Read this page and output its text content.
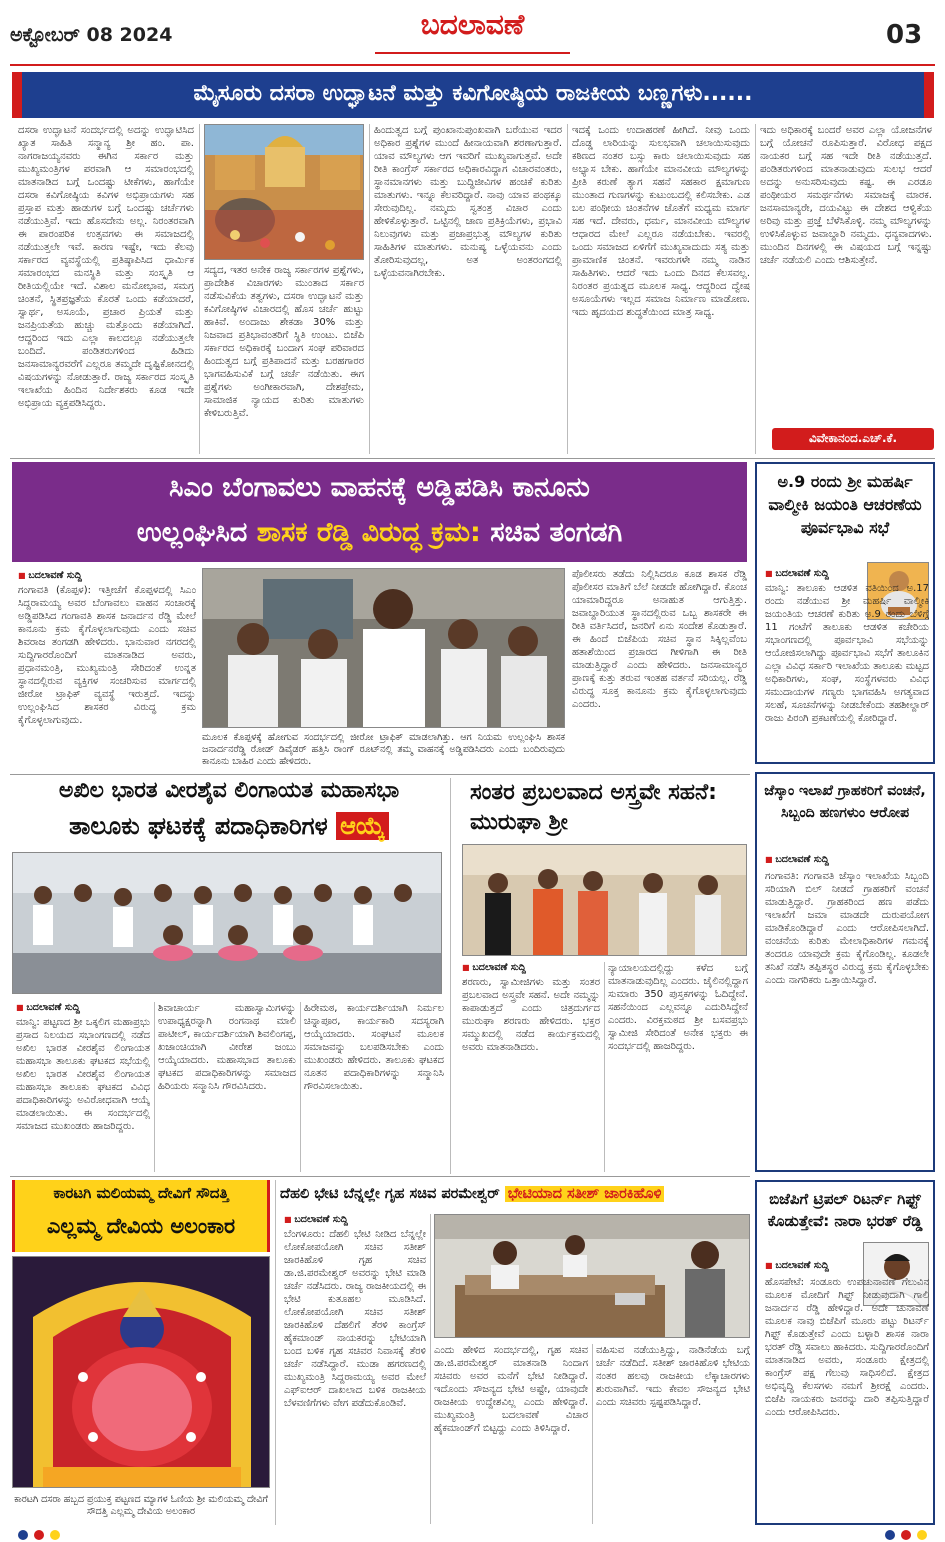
ಅಕ್ಟೋಬರ್ 08 2024	ಬದಲಾವಣೆ	03
ಮೈಸೂರು ದಸರಾ ಉದ್ಘಾಟನೆ ಮತ್ತು ಕವಿಗೋಷ್ಠಿಯ ರಾಜಕೀಯ ಬಣ್ಣಗಳು......
ದಸರಾ ಉದ್ಘಾಟನೆ ಸಂದರ್ಭದಲ್ಲಿ ಅದನ್ನು ಉದ್ಘಾಟಿಸಿದ ಖ್ಯಾತ ಸಾಹಿತಿ ಸನ್ಮಾನ್ಯ ಶ್ರೀ ಹಂ. ಪಾ. ನಾಗರಾಜಯ್ಯನವರು ಈಗಿನ ಸರ್ಕಾರ ಮತ್ತು ಮುಖ್ಯಮಂತ್ರಿಗಳ ಪರವಾಗಿ ಆ ಸಮಾರಂಭದಲ್ಲಿ ಮಾತನಾಡಿದ ಬಗ್ಗೆ ಒಂದಷ್ಟು ಟೀಕೆಗಳು, ಹಾಗೆಯೇ ದಸರಾ ಕವಿಗೋಷ್ಠಿಯ ಕವಿಗಳ ಅಭಿಪ್ರಾಯಗಳು ಸಹ ಪ್ರಸ್ತಾಪ ಮತ್ತು ಹಾಡುಗಳ ಬಗ್ಗೆ ಒಂದಷ್ಟು ಚರ್ಚೆಗಳು ನಡೆಯುತ್ತಿವೆ. ಇದು ಹೊಸದೇನು ಅಲ್ಲ. ನಿರಂತರವಾಗಿ ಈ ಪಾರಂಪರಿಕ ಉತ್ಸವಗಳು ಈ ಸಮಾಜದಲ್ಲಿ ನಡೆಯುತ್ತಲೇ ಇವೆ. ಕಾರಣ ಇಷ್ಟೇ, ಇದು ಕೆಲವು ಸರ್ಕಾರದ ವ್ಯವಸ್ಥೆಯಲ್ಲಿ ಪ್ರತಿಷ್ಠಾಪಿಸಿದ ಧಾರ್ಮಿಕ ಸಮಾರಂಭದ ಮನಸ್ಥಿತಿ ಮತ್ತು ಸಂಸ್ಕೃತಿ ಆ ರೀತಿಯಲ್ಲಿಯೇ ಇದೆ. ವಿಶಾಲ ಮನೋಭಾವ, ಸಮಗ್ರ ಚಿಂತನೆ, ಸ್ಥಿತಪ್ರಜ್ಞತೆಯ ಕೊರತೆ ಒಂದು ಕಡೆಯಾದರೆ, ಸ್ವಾರ್ಥ, ಅಸೂಯೆ, ಪ್ರಚಾರ ಪ್ರಿಯತೆ ಮತ್ತು ಜನಪ್ರಿಯತೆಯ ಹುಚ್ಚು ಮತ್ತೊಂದು ಕಡೆಯಾಗಿದೆ. ಆದ್ದರಿಂದ ಇದು ಎಲ್ಲಾ ಕಾಲದಲ್ಲೂ ನಡೆಯುತ್ತಲೇ ಬಂದಿದೆ. ಪಂಡಿತರುಗಳಿಂದ ಹಿಡಿದು ಜನಸಾಮಾನ್ಯರವರೆಗೆ ಎಲ್ಲರೂ ತಮ್ಮದೇ ದೃಷ್ಟಿಕೋನದಲ್ಲಿ ವಿಷಯಗಳನ್ನು ನೋಡುತ್ತಾರೆ. ರಾಜ್ಯ ಸರ್ಕಾರದ ಸಂಸ್ಕೃತಿ ಇಲಾಖೆಯ ಹಿಂದಿನ ನಿರ್ದೇಶಕರು ಕೂಡ ಇದೇ ಅಭಿಪ್ರಾಯ ವ್ಯಕ್ತಪಡಿಸಿದ್ದರು.
ಸದ್ಯದ, ಇತರ ಅನೇಕ ರಾಜ್ಯ ಸರ್ಕಾರಗಳ ಪ್ರಶ್ನೆಗಳು, ಪ್ರಾದೇಶಿಕ ವಿಚಾರಗಳು ಮುಂತಾದ ಸರ್ಕಾರ ನಡೆಸುವಿಕೆಯ ತತ್ವಗಳು, ದಸರಾ ಉದ್ಘಾಟನೆ ಮತ್ತು ಕವಿಗೋಷ್ಠಿಗಳ ವಿಚಾರದಲ್ಲಿ ಹೊಸ ಚರ್ಚೆ ಹುಟ್ಟು ಹಾಕಿವೆ. ಅಂದಾಜು ಶೇಕಡಾ 30% ಮತ್ತು ನಿಜವಾದ ಪ್ರತಿಭಾವಂತರಿಗೆ ಸ್ಥಿತಿ ಉಂಟು. ಬಿಜೆಪಿ ಸರ್ಕಾರದ ಅಧಿಕಾರಕ್ಕೆ ಬಂದಾಗ ಸಂಘ ಪರಿವಾರದ ಹಿಂದುತ್ವದ ಬಗ್ಗೆ ಪ್ರತಿಪಾದನೆ ಮತ್ತು ಬರಹಗಾರರ ಭಾಗವಹಿಸುವಿಕೆ ಬಗ್ಗೆ ಚರ್ಚೆ ನಡೆಯಿತು. ಈಗ ಪ್ರಶ್ನೆಗಳು ಅಂಗೀಕಾರವಾಗಿ, ದೇಶಪ್ರೇಮ, ಸಾಮಾಜಿಕ ನ್ಯಾಯದ ಕುರಿತು ಮಾತುಗಳು ಕೇಳಿಬರುತ್ತಿವೆ.
ಹಿಂದುತ್ವದ ಬಗ್ಗೆ ಪುಂಖಾನುಪುಂಖವಾಗಿ ಬರೆಯುವ ಇದರ ಅಧಿಕಾರ ಪ್ರಶ್ನೆಗಳ ಮುಂದೆ ಹೀನಾಯವಾಗಿ ಶರಣಾಗುತ್ತಾರೆ. ಯಾವ ಮೌಲ್ಯಗಳು ಆಗ ಇವರಿಗೆ ಮುಖ್ಯವಾಗುತ್ತವೆ. ಅದೇ ರೀತಿ ಕಾಂಗ್ರೆಸ್ ಸರ್ಕಾರದ ಅಧಿಕಾರವಿದ್ದಾಗ ವಿಚಾರವಂತರು, ಸ್ಥಾನಮಾನಗಳು ಮತ್ತು ಬುದ್ಧಿಜೀವಿಗಳ ಹಂಚಿಕೆ ಕುರಿತು ಮಾತುಗಳು. ಇನ್ನೂ ಕೆಲವರಿದ್ದಾರೆ. ನಾವು ಯಾವ ಪಂಥಕ್ಕೂ ಸೇರುವುದಿಲ್ಲ. ನಮ್ಮದು ಸ್ವತಂತ್ರ ವಿಚಾರ ಎಂದು ಹೇಳಿಕೊಳ್ಳುತ್ತಾರೆ. ಒಟ್ಟಿನಲ್ಲಿ ಜಾಣ ಪ್ರತಿಕ್ರಿಯೆಗಳು, ಪ್ರಭಾವಿ ನಿಲುವುಗಳು ಮತ್ತು ಪ್ರಜಾಪ್ರಭುತ್ವ ಮೌಲ್ಯಗಳ ಕುರಿತು ಸಾಹಿತಿಗಳ ಮಾತುಗಳು. ಮನುಷ್ಯ ಒಳ್ಳೆಯವನು ಎಂದು ತೋರಿಸುವುದಲ್ಲ, ಅತ ಅಂತರಂಗದಲ್ಲಿ ಒಳ್ಳೆಯವನಾಗಿರಬೇಕು.
ಇದಕ್ಕೆ ಒಂದು ಉದಾಹರಣೆ ಹೀಗಿದೆ. ನೀವು ಒಂದು ದೊಡ್ಡ ಲಾರಿಯನ್ನು ಸುಲಭವಾಗಿ ಚಲಾಯಿಸುವುದು ಕಠಿಣದ ನಂತರ ಬಸ್ಸು ಕಾರು ಚಲಾಯಿಸುವುದು ಸಹ ಅಭ್ಯಾಸ ಬೇಕು. ಹಾಗೆಯೇ ಮಾನವೀಯ ಮೌಲ್ಯಗಳನ್ನು ಪ್ರೀತಿ ಕರುಣೆ ತ್ಯಾಗ ಸಹನೆ ಸಹಕಾರ ಕ್ಷಮಾಗುಣ ಮುಂತಾದ ಗುಣಗಳನ್ನು ಕುಟುಂಬದಲ್ಲಿ ಕಲಿಸಬೇಕು. ಎಡ ಬಲ ಪಂಥೀಯ ಚಿಂತನೆಗಳ ಜೊತೆಗೆ ಮಧ್ಯಮ ಮಾರ್ಗ ಸಹ ಇದೆ. ದೇವರು, ಧರ್ಮ, ಮಾನವೀಯ ಮೌಲ್ಯಗಳ ಆಧಾರದ ಮೇಲೆ ಎಲ್ಲರೂ ನಡೆಯಬೇಕು. ಇವರಲ್ಲಿ ಒಂದು ಸಮಾಜದ ಏಳಿಗೆಗೆ ಮುಖ್ಯವಾದುದು ಸತ್ಯ ಮತ್ತು ಪ್ರಾಮಾಣಿಕ ಚಿಂತನೆ. ಇವರುಗಳೇ ನಮ್ಮ ನಾಡಿನ ಸಾಹಿತಿಗಳು. ಆದರೆ ಇದು ಒಂದು ದಿನದ ಕೆಲಸವಲ್ಲ. ನಿರಂತರ ಪ್ರಯತ್ನದ ಮೂಲಕ ಸಾಧ್ಯ. ಆದ್ದರಿಂದ ದ್ವೇಷ ಅಸೂಯೆಗಳು ಇಲ್ಲದ ಸಮಾಜ ನಿರ್ಮಾಣ ಮಾಡೋಣ. ಇದು ಹೃದಯದ ಶುದ್ಧತೆಯಿಂದ ಮಾತ್ರ ಸಾಧ್ಯ.
ಇದು ಅಧಿಕಾರಕ್ಕೆ ಬಂದರೆ ಅವರ ಎಲ್ಲಾ ಯೋಜನೆಗಳ ಬಗ್ಗೆ ಯೋಚನೆ ರೂಪಿಸುತ್ತಾರೆ. ವಿರೋಧ ಪಕ್ಷದ ನಾಯಕರ ಬಗ್ಗೆ ಸಹ ಇದೇ ರೀತಿ ನಡೆಯುತ್ತದೆ. ಪಂಡಿತರುಗಳಿಂದ ಮಾತನಾಡುವುದು ಸುಲಭ ಆದರೆ ಅದನ್ನು ಅನುಸರಿಸುವುದು ಕಷ್ಟ. ಈ ಎರಡೂ ಪಂಥೀಯರ ಸಮರ್ಥನೆಗಳು ಸಮಾಜಕ್ಕೆ ಮಾರಕ. ಜನಸಾಮಾನ್ಯರೇ, ದಯವಿಟ್ಟು ಈ ದೇಶದ ಆಳ್ವಿಕೆಯ ಅರಿವು ಮತ್ತು ಪ್ರಜ್ಞೆ ಬೆಳೆಸಿಕೊಳ್ಳಿ. ನಮ್ಮ ಮೌಲ್ಯಗಳನ್ನು ಉಳಿಸಿಕೊಳ್ಳುವ ಜವಾಬ್ದಾರಿ ನಮ್ಮದು. ಧನ್ಯವಾದಗಳು. ಮುಂದಿನ ದಿನಗಳಲ್ಲಿ ಈ ವಿಷಯದ ಬಗ್ಗೆ ಇನ್ನಷ್ಟು ಚರ್ಚೆ ನಡೆಯಲಿ ಎಂದು ಆಶಿಸುತ್ತೇನೆ.
ವಿವೇಕಾನಂದ.ಎಚ್.ಕೆ.
ಸಿಎಂ ಬೆಂಗಾವಲು ವಾಹನಕ್ಕೆ ಅಡ್ಡಿಪಡಿಸಿ ಕಾನೂನು
ಉಲ್ಲಂಘಿಸಿದ ಶಾಸಕ ರೆಡ್ಡಿ ವಿರುದ್ಧ ಕ್ರಮ: ಸಚಿವ ತಂಗಡಗಿ
■ ಬದಲಾವಣೆ ಸುದ್ದಿ
ಗಂಗಾವತಿ (ಕೊಪ್ಪಳ): ಇತ್ತೀಚೆಗೆ ಕೊಪ್ಪಳದಲ್ಲಿ ಸಿಎಂ ಸಿದ್ದರಾಮಯ್ಯ ಅವರ ಬೆಂಗಾವಲು ವಾಹನ ಸಂಚಾರಕ್ಕೆ ಅಡ್ಡಿಪಡಿಸಿದ ಗಂಗಾವತಿ ಶಾಸಕ ಜನಾರ್ದನ ರೆಡ್ಡಿ ಮೇಲೆ ಕಾನೂನು ಕ್ರಮ ಕೈಗೊಳ್ಳಲಾಗುವುದು ಎಂದು ಸಚಿವ ಶಿವರಾಜ ತಂಗಡಗಿ ಹೇಳಿದರು. ಭಾನುವಾರ ನಗರದಲ್ಲಿ ಸುದ್ದಿಗಾರರೊಂದಿಗೆ ಮಾತನಾಡಿದ ಅವರು, ಪ್ರಧಾನಮಂತ್ರಿ, ಮುಖ್ಯಮಂತ್ರಿ ಸೇರಿದಂತೆ ಉನ್ನತ ಸ್ಥಾನದಲ್ಲಿರುವ ವ್ಯಕ್ತಿಗಳ ಸಂಚರಿಸುವ ಮಾರ್ಗದಲ್ಲಿ ಜೀರೋ ಟ್ರಾಫಿಕ್ ವ್ಯವಸ್ಥೆ ಇರುತ್ತದೆ. ಇದನ್ನು ಉಲ್ಲಂಘಿಸಿದ ಶಾಸಕರ ವಿರುದ್ಧ ಕ್ರಮ ಕೈಗೊಳ್ಳಲಾಗುವುದು.
ಮೂಲಕ ಕೊಪ್ಪಳಕ್ಕೆ ಹೋಗುವ ಸಂದರ್ಭದಲ್ಲಿ ಜೀರೋ ಟ್ರಾಫಿಕ್ ಮಾಡಲಾಗಿತ್ತು. ಆಗ ನಿಯಮ ಉಲ್ಲಂಘಿಸಿ ಶಾಸಕ ಜನಾರ್ದನರೆಡ್ಡಿ ರೋಡ್ ಡಿವೈಡರ್ ಹತ್ತಿಸಿ ರಾಂಗ್ ರೂಟ್‌ನಲ್ಲಿ ತಮ್ಮ ವಾಹನಕ್ಕೆ ಅಡ್ಡಿಪಡಿಸಿದರು ಎಂದು ಬಂದಿರುವುದು ಕಾನೂನು ಬಾಹಿರ ಎಂದು ಹೇಳಿದರು.
ಪೊಲೀಸರು ತಡೆದು ನಿಲ್ಲಿಸಿದರೂ ಕೂಡ ಶಾಸಕ ರೆಡ್ಡಿ ಪೊಲೀಸರ ಮಾತಿಗೆ ಬೆಲೆ ನೀಡದೇ ಹೋಗಿದ್ದಾರೆ. ಕೊಂಚ ಯಾಮಾರಿದ್ದರೂ ಅನಾಹುತ ಆಗುತ್ತಿತ್ತು. ಜವಾಬ್ದಾರಿಯುತ ಸ್ಥಾನದಲ್ಲಿರುವ ಒಬ್ಬ ಶಾಸಕರೇ ಈ ರೀತಿ ವರ್ತಿಸಿದರೆ, ಜನರಿಗೆ ಏನು ಸಂದೇಶ ಕೊಡುತ್ತಾರೆ. ಈ ಹಿಂದೆ ಬಿಜೆಪಿಯ ಸಚಿವ ಸ್ಥಾನ ಸಿಕ್ಕಿಲ್ಲವೆಂಬ ಹತಾಶೆಯಿಂದ ಪ್ರಚಾರದ ಗೀಳಿಗಾಗಿ ಈ ರೀತಿ ಮಾಡುತ್ತಿದ್ದಾರೆ ಎಂದು ಹೇಳಿದರು. ಜನಸಾಮಾನ್ಯರ ಪ್ರಾಣಕ್ಕೆ ಕುತ್ತು ತರುವ ಇಂತಹ ವರ್ತನೆ ಸರಿಯಲ್ಲ. ರೆಡ್ಡಿ ವಿರುದ್ಧ ಸೂಕ್ತ ಕಾನೂನು ಕ್ರಮ ಕೈಗೊಳ್ಳಲಾಗುವುದು ಎಂದರು.
ಅ.9 ರಂದು ಶ್ರೀ ಮಹರ್ಷಿ ವಾಲ್ಮೀಕಿ ಜಯಂತಿ ಆಚರಣೆಯ ಪೂರ್ವಭಾವಿ ಸಭೆ
■ ಬದಲಾವಣೆ ಸುದ್ದಿ
ಮಾನ್ವಿ: ತಾಲೂಕು ಆಡಳಿತ ವತಿಯಿಂದ ಅ.17 ರಂದು ನಡೆಯುವ ಶ್ರೀ ಮಹರ್ಷಿ ವಾಲ್ಮೀಕಿ ಜಯಂತಿಯ ಆಚರಣೆ ಕುರಿತು ಅ.9 ರಂದು ಬೆಳಿಗ್ಗೆ 11 ಗಂಟೆಗೆ ತಾಲೂಕು ಆಡಳಿತ ಕಚೇರಿಯ ಸಭಾಂಗಣದಲ್ಲಿ ಪೂರ್ವಭಾವಿ ಸಭೆಯನ್ನು ಆಯೋಜಿಸಲಾಗಿದ್ದು ಪೂರ್ವಭಾವಿ ಸಭೆಗೆ ತಾಲೂಕಿನ ಎಲ್ಲಾ ವಿವಿಧ ಸರ್ಕಾರಿ ಇಲಾಖೆಯ ತಾಲೂಕು ಮಟ್ಟದ ಅಧಿಕಾರಿಗಳು, ಸಂಘ, ಸಂಸ್ಥೆಗಳವರು ವಿವಿಧ ಸಮುದಾಯಗಳ ಗಣ್ಯರು ಭಾಗವಹಿಸಿ ಅಗತ್ಯವಾದ ಸಲಹೆ, ಸೂಚನೆಗಳನ್ನು ನೀಡಬೇಕೆಂದು ತಹಶೀಲ್ದಾರ್ ರಾಜು ಪಿರಂಗಿ ಪ್ರಕಟಣೆಯಲ್ಲಿ ಕೋರಿದ್ದಾರೆ.
ಅಖಿಲ ಭಾರತ ವೀರಶೈವ ಲಿಂಗಾಯತ ಮಹಾಸಭಾ
ತಾಲೂಕು ಘಟಕಕ್ಕೆ ಪದಾಧಿಕಾರಿಗಳ ಆಯ್ಕೆ
■ ಬದಲಾವಣೆ ಸುದ್ದಿ
ಮಾನ್ವಿ: ಪಟ್ಟಣದ ಶ್ರೀ ಒಕ್ಕಲಿಗ ಮಹಾಪ್ರಭು ಪ್ರಸಾದ ನಿಲಯದ ಸಭಾಂಗಣದಲ್ಲಿ ನಡೆದ ಅಖಿಲ ಭಾರತ ವೀರಶೈವ ಲಿಂಗಾಯತ ಮಹಾಸಭಾ ತಾಲೂಕು ಘಟಕದ ಸಭೆಯಲ್ಲಿ ಅಖಿಲ ಭಾರತ ವೀರಶೈವ ಲಿಂಗಾಯತ ಮಹಾಸಭಾ ತಾಲೂಕು ಘಟಕದ ವಿವಿಧ ಪದಾಧಿಕಾರಿಗಳನ್ನು ಅವಿರೋಧವಾಗಿ ಆಯ್ಕೆ ಮಾಡಲಾಯಿತು. ಈ ಸಂದರ್ಭದಲ್ಲಿ ಸಮಾಜದ ಮುಖಂಡರು ಹಾಜರಿದ್ದರು.
ಶಿವಾಚಾರ್ಯ ಮಹಾಸ್ವಾಮಿಗಳನ್ನು ಉಪಾಧ್ಯಕ್ಷರನ್ನಾಗಿ ರಂಗನಾಥ ಮಾಲಿ ಪಾಟೀಲ್, ಕಾರ್ಯದರ್ಶಿಯಾಗಿ ಶಿವಲಿಂಗಪ್ಪ, ಖಜಾಂಚಿಯಾಗಿ ವೀರೇಶ ಜಂಬು ಆಯ್ಕೆಯಾದರು. ಮಹಾಸಭಾದ ತಾಲೂಕು ಘಟಕದ ಪದಾಧಿಕಾರಿಗಳನ್ನು ಸಮಾಜದ ಹಿರಿಯರು ಸನ್ಮಾನಿಸಿ ಗೌರವಿಸಿದರು.
ಹಿರೇಮಠ, ಕಾರ್ಯದರ್ಶಿಯಾಗಿ ನಿರ್ಮಲ ಚಿನ್ನಾಪೂರ, ಕಾರ್ಯಕಾರಿ ಸದಸ್ಯರಾಗಿ ಆಯ್ಕೆಯಾದರು. ಸಂಘಟನೆ ಮೂಲಕ ಸಮಾಜವನ್ನು ಬಲಪಡಿಸಬೇಕು ಎಂದು ಮುಖಂಡರು ಹೇಳಿದರು. ತಾಲೂಕು ಘಟಕದ ನೂತನ ಪದಾಧಿಕಾರಿಗಳನ್ನು ಸನ್ಮಾನಿಸಿ ಗೌರವಿಸಲಾಯಿತು.
ಸಂತರ ಪ್ರಬಲವಾದ ಅಸ್ತ್ರವೇ ಸಹನೆ: ಮುರುಘಾ ಶ್ರೀ
■ ಬದಲಾವಣೆ ಸುದ್ದಿ
ಶರಣರು, ಸ್ವಾಮೀಜಿಗಳು ಮತ್ತು ಸಂತರ ಪ್ರಬಲವಾದ ಅಸ್ತ್ರವೇ ಸಹನೆ. ಅದೇ ನಮ್ಮನ್ನು ಕಾಪಾಡುತ್ತದೆ ಎಂದು ಚಿತ್ರದುರ್ಗದ ಮುರುಘಾ ಶರಣರು ಹೇಳಿದರು. ಭಕ್ತರ ಸಮ್ಮುಖದಲ್ಲಿ ನಡೆದ ಕಾರ್ಯಕ್ರಮದಲ್ಲಿ ಅವರು ಮಾತನಾಡಿದರು.
ನ್ಯಾಯಾಲಯದಲ್ಲಿದ್ದು ಕಳೆದ ಬಗ್ಗೆ ಮಾತನಾಡುವುದಿಲ್ಲ ಎಂದರು. ಜೈಲಿನಲ್ಲಿದ್ದಾಗ ಸುಮಾರು 350 ಪುಸ್ತಕಗಳನ್ನು ಓದಿದ್ದೇನೆ. ಸಹನೆಯಿಂದ ಎಲ್ಲವನ್ನೂ ಎದುರಿಸಿದ್ದೇನೆ ಎಂದರು. ವಿರಕ್ತಮಠದ ಶ್ರೀ ಬಸವಪ್ರಭು ಸ್ವಾಮೀಜಿ ಸೇರಿದಂತೆ ಅನೇಕ ಭಕ್ತರು ಈ ಸಂದರ್ಭದಲ್ಲಿ ಹಾಜರಿದ್ದರು.
ಜೆಸ್ಕಾಂ ಇಲಾಖೆ ಗ್ರಾಹಕರಿಗೆ ವಂಚನೆ, ಸಿಬ್ಬಂದಿ ಹಣಗಳುಂ ಆರೋಪ
■ ಬದಲಾವಣೆ ಸುದ್ದಿ
ಗಂಗಾವತಿ: ಗಂಗಾವತಿ ಜೆಸ್ಕಾಂ ಇಲಾಖೆಯ ಸಿಬ್ಬಂದಿ ಸರಿಯಾಗಿ ಬಿಲ್ ನೀಡದೆ ಗ್ರಾಹಕರಿಗೆ ವಂಚನೆ ಮಾಡುತ್ತಿದ್ದಾರೆ. ಗ್ರಾಹಕರಿಂದ ಹಣ ಪಡೆದು ಇಲಾಖೆಗೆ ಜಮಾ ಮಾಡದೇ ದುರುಪಯೋಗ ಮಾಡಿಕೊಂಡಿದ್ದಾರೆ ಎಂದು ಆರೋಪಿಸಲಾಗಿದೆ. ವಂಚನೆಯ ಕುರಿತು ಮೇಲಾಧಿಕಾರಿಗಳ ಗಮನಕ್ಕೆ ತಂದರೂ ಯಾವುದೇ ಕ್ರಮ ಕೈಗೊಂಡಿಲ್ಲ. ಕೂಡಲೇ ತನಿಖೆ ನಡೆಸಿ ತಪ್ಪಿತಸ್ಥರ ವಿರುದ್ಧ ಕ್ರಮ ಕೈಗೊಳ್ಳಬೇಕು ಎಂದು ನಾಗರಿಕರು ಒತ್ತಾಯಿಸಿದ್ದಾರೆ.
ಕಾರಟಗಿ ಮಲಿಯಮ್ಮ ದೇವಿಗೆ ಸೌದತ್ತಿ
ಎಲ್ಲಮ್ಮ ದೇವಿಯ ಅಲಂಕಾರ
ಕಾರಟಗಿ ದಸರಾ ಹಬ್ಬದ ಪ್ರಯುಕ್ತ ಪಟ್ಟಣದ ಮ್ಯಾಗಳ ಓಣಿಯ ಶ್ರೀ ಮಲಿಯಮ್ಮ ದೇವಿಗೆ ಸೌದತ್ತಿ ಎಲ್ಲಮ್ಮ ದೇವಿಯ ಅಲಂಕಾರ
ದೆಹಲಿ ಭೇಟಿ ಬೆನ್ನಲ್ಲೇ ಗೃಹ ಸಚಿವ ಪರಮೇಶ್ವರ್ ಭೇಟಿಯಾದ ಸತೀಶ್ ಜಾರಕಿಹೊಳಿ
■ ಬದಲಾವಣೆ ಸುದ್ದಿ
ಬೆಂಗಳೂರು: ದೆಹಲಿ ಭೇಟಿ ನೀಡಿದ ಬೆನ್ನಲ್ಲೇ ಲೋಕೋಪಯೋಗಿ ಸಚಿವ ಸತೀಶ್ ಜಾರಕಿಹೊಳಿ ಗೃಹ ಸಚಿವ ಡಾ.ಜಿ.ಪರಮೇಶ್ವರ್ ಅವರನ್ನು ಭೇಟಿ ಮಾಡಿ ಚರ್ಚೆ ನಡೆಸಿದರು. ರಾಜ್ಯ ರಾಜಕೀಯದಲ್ಲಿ ಈ ಭೇಟಿ ಕುತೂಹಲ ಮೂಡಿಸಿದೆ. ಲೋಕೋಪಯೋಗಿ ಸಚಿವ ಸತೀಶ್ ಜಾರಕಿಹೊಳಿ ದೆಹಲಿಗೆ ತೆರಳಿ ಕಾಂಗ್ರೆಸ್ ಹೈಕಮಾಂಡ್ ನಾಯಕರನ್ನು ಭೇಟಿಯಾಗಿ ಬಂದ ಬಳಿಕ ಗೃಹ ಸಚಿವರ ನಿವಾಸಕ್ಕೆ ತೆರಳಿ ಚರ್ಚೆ ನಡೆಸಿದ್ದಾರೆ. ಮುಡಾ ಹಗರಣದಲ್ಲಿ ಮುಖ್ಯಮಂತ್ರಿ ಸಿದ್ದರಾಮಯ್ಯ ಅವರ ಮೇಲೆ ಎಫ್‌ಐಆರ್ ದಾಖಲಾದ ಬಳಿಕ ರಾಜಕೀಯ ಬೆಳವಣಿಗೆಗಳು ವೇಗ ಪಡೆದುಕೊಂಡಿವೆ.
ಎಂದು ಹೇಳಿದ ಸಂದರ್ಭದಲ್ಲಿ, ಗೃಹ ಸಚಿವ ಡಾ.ಜಿ.ಪರಮೇಶ್ವರ್ ಮಾತನಾಡಿ ನಿಂದಾಗ ಸಚಿವರು ಅವರ ಮನೆಗೆ ಭೇಟಿ ನೀಡಿದ್ದಾರೆ. ಇದೊಂದು ಸೌಜನ್ಯದ ಭೇಟಿ ಅಷ್ಟೇ, ಯಾವುದೇ ರಾಜಕೀಯ ಉದ್ದೇಶವಿಲ್ಲ ಎಂದು ಹೇಳಿದ್ದಾರೆ. ಮುಖ್ಯಮಂತ್ರಿ ಬದಲಾವಣೆ ವಿಚಾರ ಹೈಕಮಾಂಡ್‌ಗೆ ಬಿಟ್ಟದ್ದು ಎಂದು ತಿಳಿಸಿದ್ದಾರೆ.
ವಹಿಸುವ ನಡೆಯುತ್ತಿದ್ದು, ನಾಡಿನೆಡೆಯ ಬಗ್ಗೆ ಚರ್ಚೆ ನಡೆದಿದೆ. ಸತೀಶ್ ಜಾರಕಿಹೊಳಿ ಭೇಟಿಯ ನಂತರ ಹಲವು ರಾಜಕೀಯ ಲೆಕ್ಕಾಚಾರಗಳು ಶುರುವಾಗಿವೆ. ಇದು ಕೇವಲ ಸೌಜನ್ಯದ ಭೇಟಿ ಎಂದು ಸಚಿವರು ಸ್ಪಷ್ಟಪಡಿಸಿದ್ದಾರೆ.
ಬಿಜೆಪಿಗೆ ಟ್ರಿಪಲ್ ರಿಟರ್ನ್ ಗಿಫ್ಟ್ ಕೊಡುತ್ತೇವೆ: ನಾರಾ ಭರತ್ ರೆಡ್ಡಿ
■ ಬದಲಾವಣೆ ಸುದ್ದಿ
ಹೊಸಪೇಟೆ: ಸಂಡೂರು ಉಪಚುನಾವಣೆ ಗೆಲುವಿನ ಮೂಲಕ ಮೋದಿಗೆ ಗಿಫ್ಟ್ ನೀಡುವುದಾಗಿ ಗಾಲಿ ಜನಾರ್ದನ ರೆಡ್ಡಿ ಹೇಳಿದ್ದಾರೆ. ಅದೇ ಚುನಾವಣೆ ಮೂಲಕ ನಾವು ಬಿಜೆಪಿಗೆ ಮೂರು ಪಟ್ಟು ರಿಟರ್ನ್ ಗಿಫ್ಟ್ ಕೊಡುತ್ತೇವೆ ಎಂದು ಬಳ್ಳಾರಿ ಶಾಸಕ ನಾರಾ ಭರತ್ ರೆಡ್ಡಿ ಸವಾಲು ಹಾಕಿದರು. ಸುದ್ದಿಗಾರರೊಂದಿಗೆ ಮಾತನಾಡಿದ ಅವರು, ಸಂಡೂರು ಕ್ಷೇತ್ರದಲ್ಲಿ ಕಾಂಗ್ರೆಸ್ ಪಕ್ಷ ಗೆಲುವು ಸಾಧಿಸಲಿದೆ. ಕ್ಷೇತ್ರದ ಅಭಿವೃದ್ಧಿ ಕೆಲಸಗಳು ನಮಗೆ ಶ್ರೀರಕ್ಷೆ ಎಂದರು. ಬಿಜೆಪಿ ನಾಯಕರು ಜನರನ್ನು ದಾರಿ ತಪ್ಪಿಸುತ್ತಿದ್ದಾರೆ ಎಂದು ಆರೋಪಿಸಿದರು.
